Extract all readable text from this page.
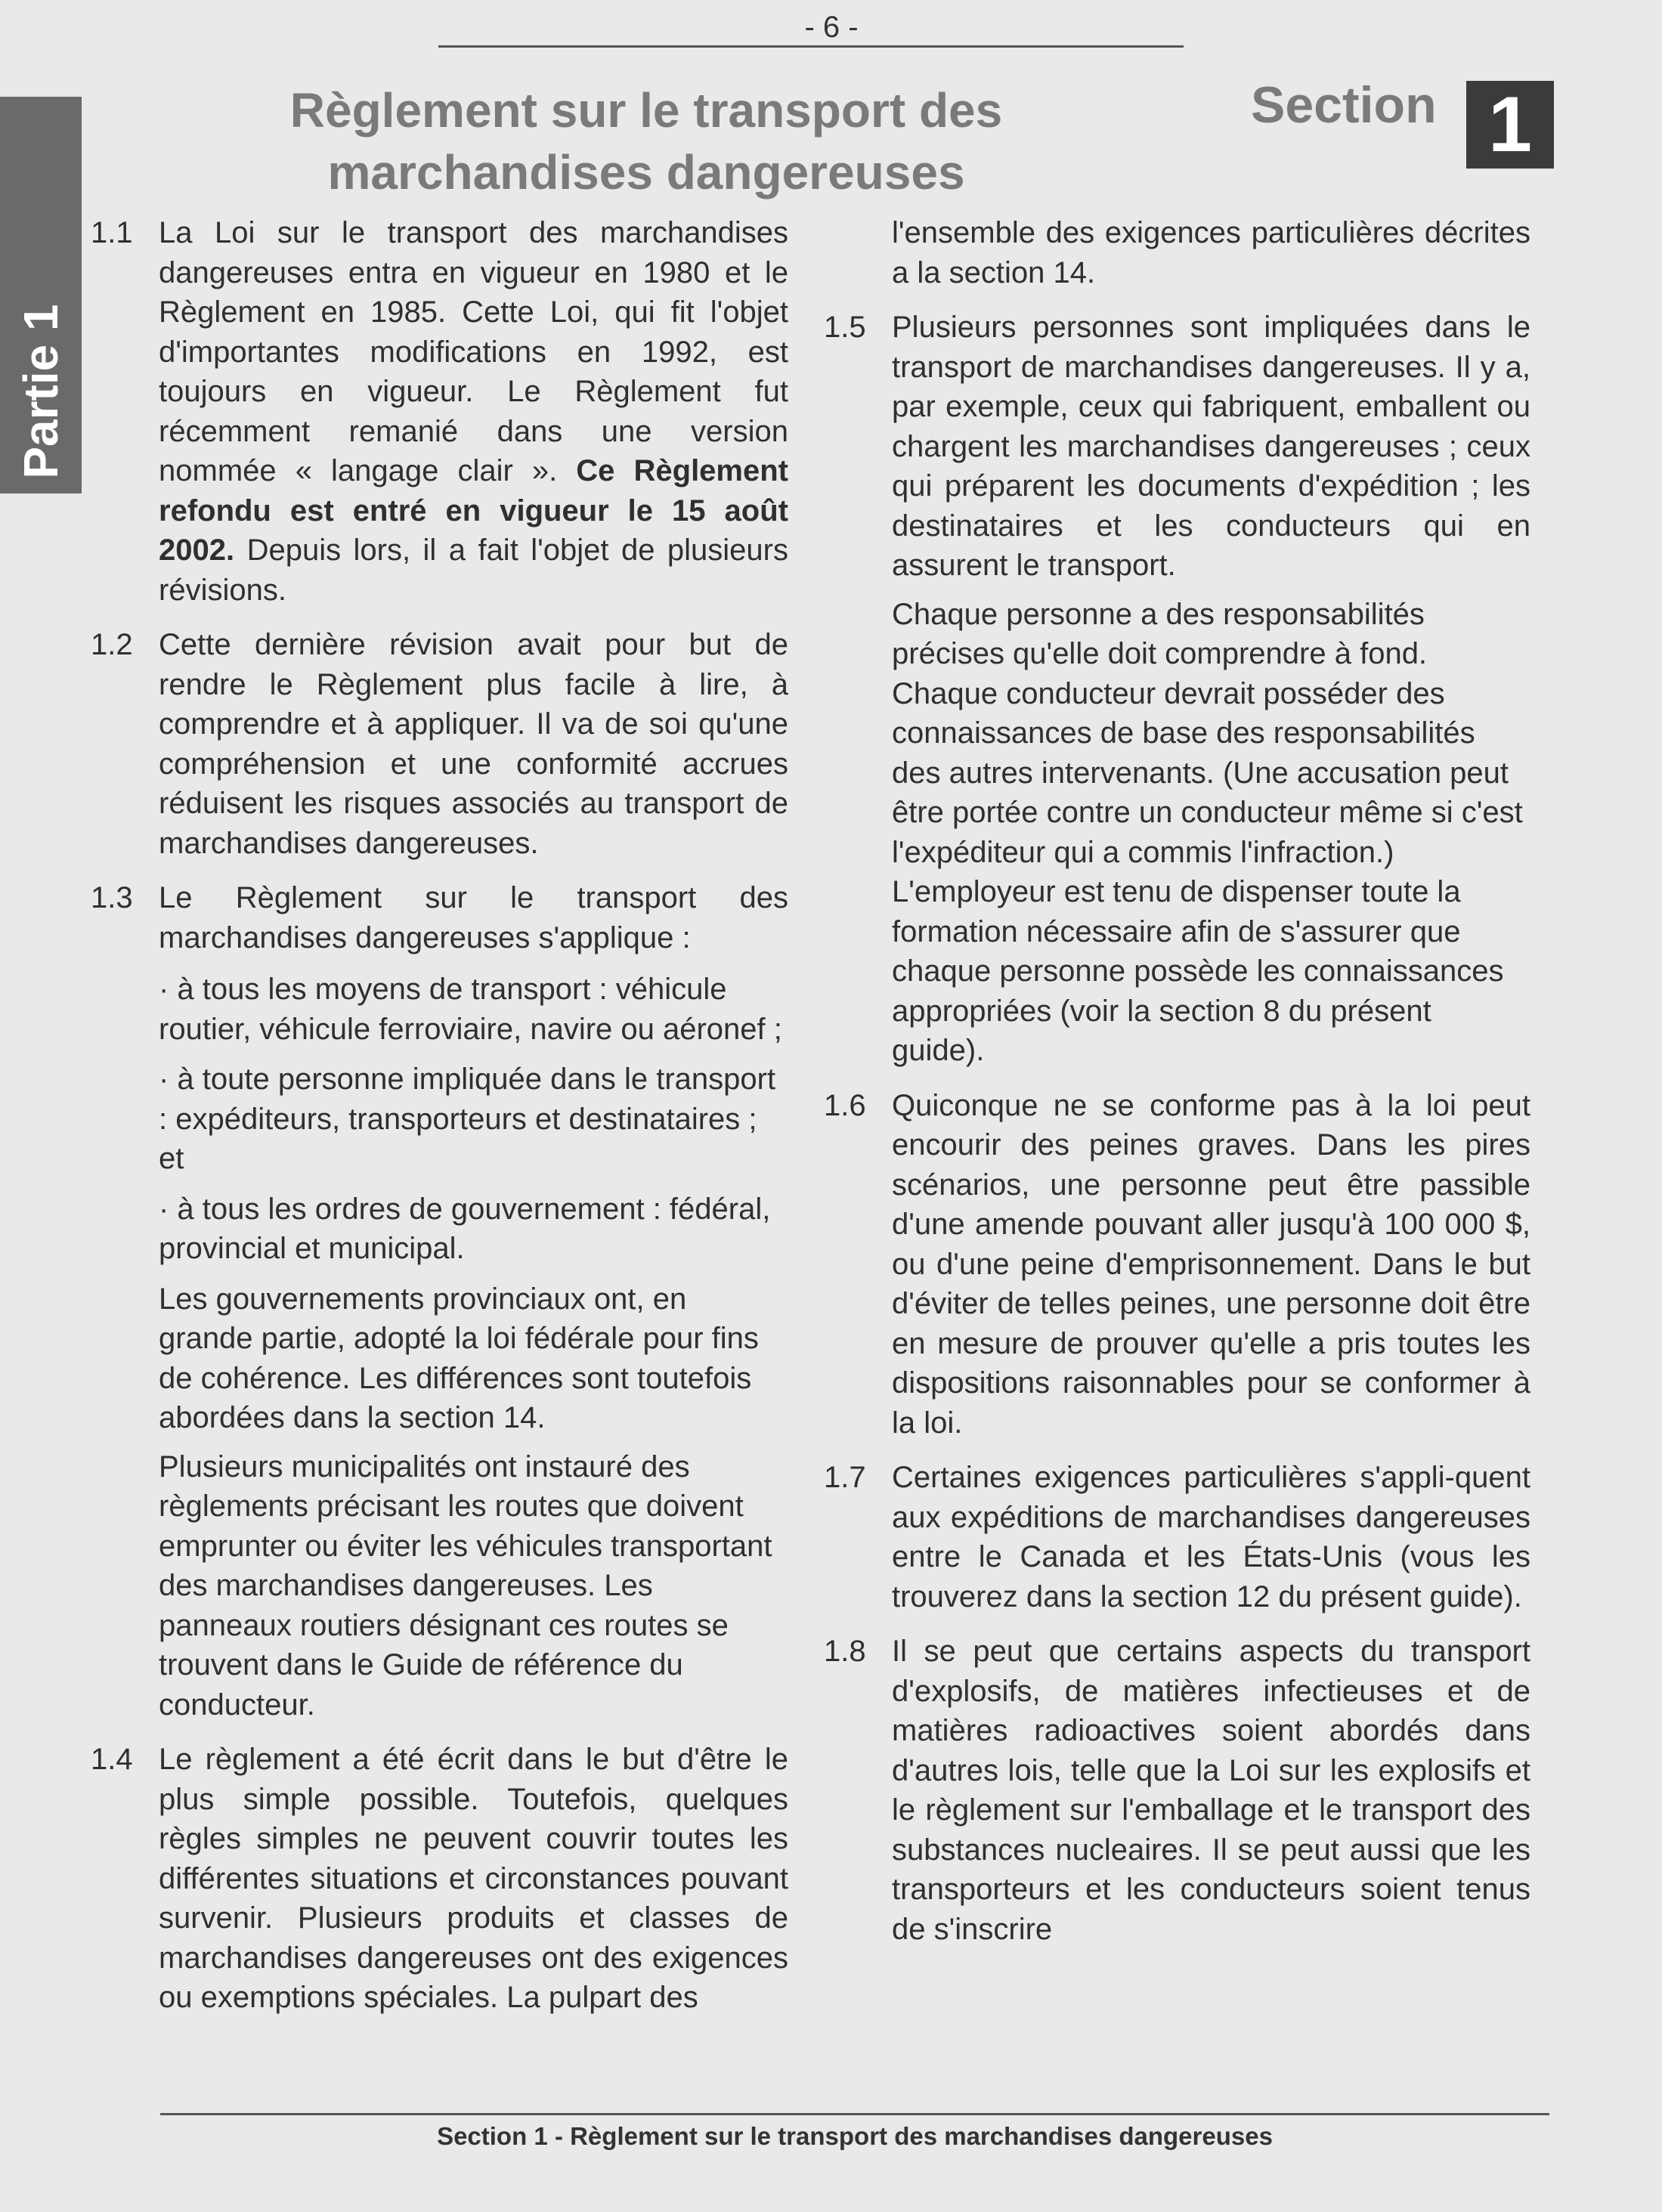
- 6 -
Partie 1
Règlement sur le transport des
marchandises dangereuses
Section 1
1.1 La Loi sur le transport des marchandises dangereuses entra en vigueur en 1980 et le Règlement en 1985. Cette Loi, qui fit l'objet d'importantes modifications en 1992, est toujours en vigueur. Le Règlement fut récemment remanié dans une version nommée « langage clair ». Ce Règlement refondu est entré en vigueur le 15 août 2002. Depuis lors, il a fait l'objet de plusieurs révisions.
1.2 Cette dernière révision avait pour but de rendre le Règlement plus facile à lire, à comprendre et à appliquer. Il va de soi qu'une compréhension et une conformité accrues réduisent les risques associés au transport de marchandises dangereuses.
1.3 Le Règlement sur le transport des marchandises dangereuses s'applique :
· à tous les moyens de transport : véhicule routier, véhicule ferroviaire, navire ou aéronef ;
· à toute personne impliquée dans le transport : expéditeurs, transporteurs et destinataires ; et
· à tous les ordres de gouvernement : fédéral, provincial et municipal.
Les gouvernements provinciaux ont, en grande partie, adopté la loi fédérale pour fins de cohérence. Les différences sont toutefois abordées dans la section 14.
Plusieurs municipalités ont instauré des règlements précisant les routes que doivent emprunter ou éviter les véhicules transportant des marchandises dangereuses. Les panneaux routiers désignant ces routes se trouvent dans le Guide de référence du conducteur.
1.4 Le règlement a été écrit dans le but d'être le plus simple possible. Toutefois, quelques règles simples ne peuvent couvrir toutes les différentes situations et circonstances pouvant survenir. Plusieurs produits et classes de marchandises dangereuses ont des exigences ou exemptions spéciales. La pulpart des
l'ensemble des exigences particulières décrites a la section 14.
1.5 Plusieurs personnes sont impliquées dans le transport de marchandises dangereuses. Il y a, par exemple, ceux qui fabriquent, emballent ou chargent les marchandises dangereuses ; ceux qui préparent les documents d'expédition ; les destinataires et les conducteurs qui en assurent le transport.
Chaque personne a des responsabilités précises qu'elle doit comprendre à fond. Chaque conducteur devrait posséder des connaissances de base des responsabilités des autres intervenants. (Une accusation peut être portée contre un conducteur même si c'est l'expéditeur qui a commis l'infraction.) L'employeur est tenu de dispenser toute la formation nécessaire afin de s'assurer que chaque personne possède les connaissances appropriées (voir la section 8 du présent guide).
1.6 Quiconque ne se conforme pas à la loi peut encourir des peines graves. Dans les pires scénarios, une personne peut être passible d'une amende pouvant aller jusqu'à 100 000 $, ou d'une peine d'emprisonnement. Dans le but d'éviter de telles peines, une personne doit être en mesure de prouver qu'elle a pris toutes les dispositions raisonnables pour se conformer à la loi.
1.7 Certaines exigences particulières s'appli-quent aux expéditions de marchandises dangereuses entre le Canada et les États-Unis (vous les trouverez dans la section 12 du présent guide).
1.8 Il se peut que certains aspects du transport d'explosifs, de matières infectieuses et de matières radioactives soient abordés dans d'autres lois, telle que la Loi sur les explosifs et le règlement sur l'emballage et le transport des substances nucleaires. Il se peut aussi que les transporteurs et les conducteurs soient tenus de s'inscrire
Section 1 - Règlement sur le transport des marchandises dangereuses
